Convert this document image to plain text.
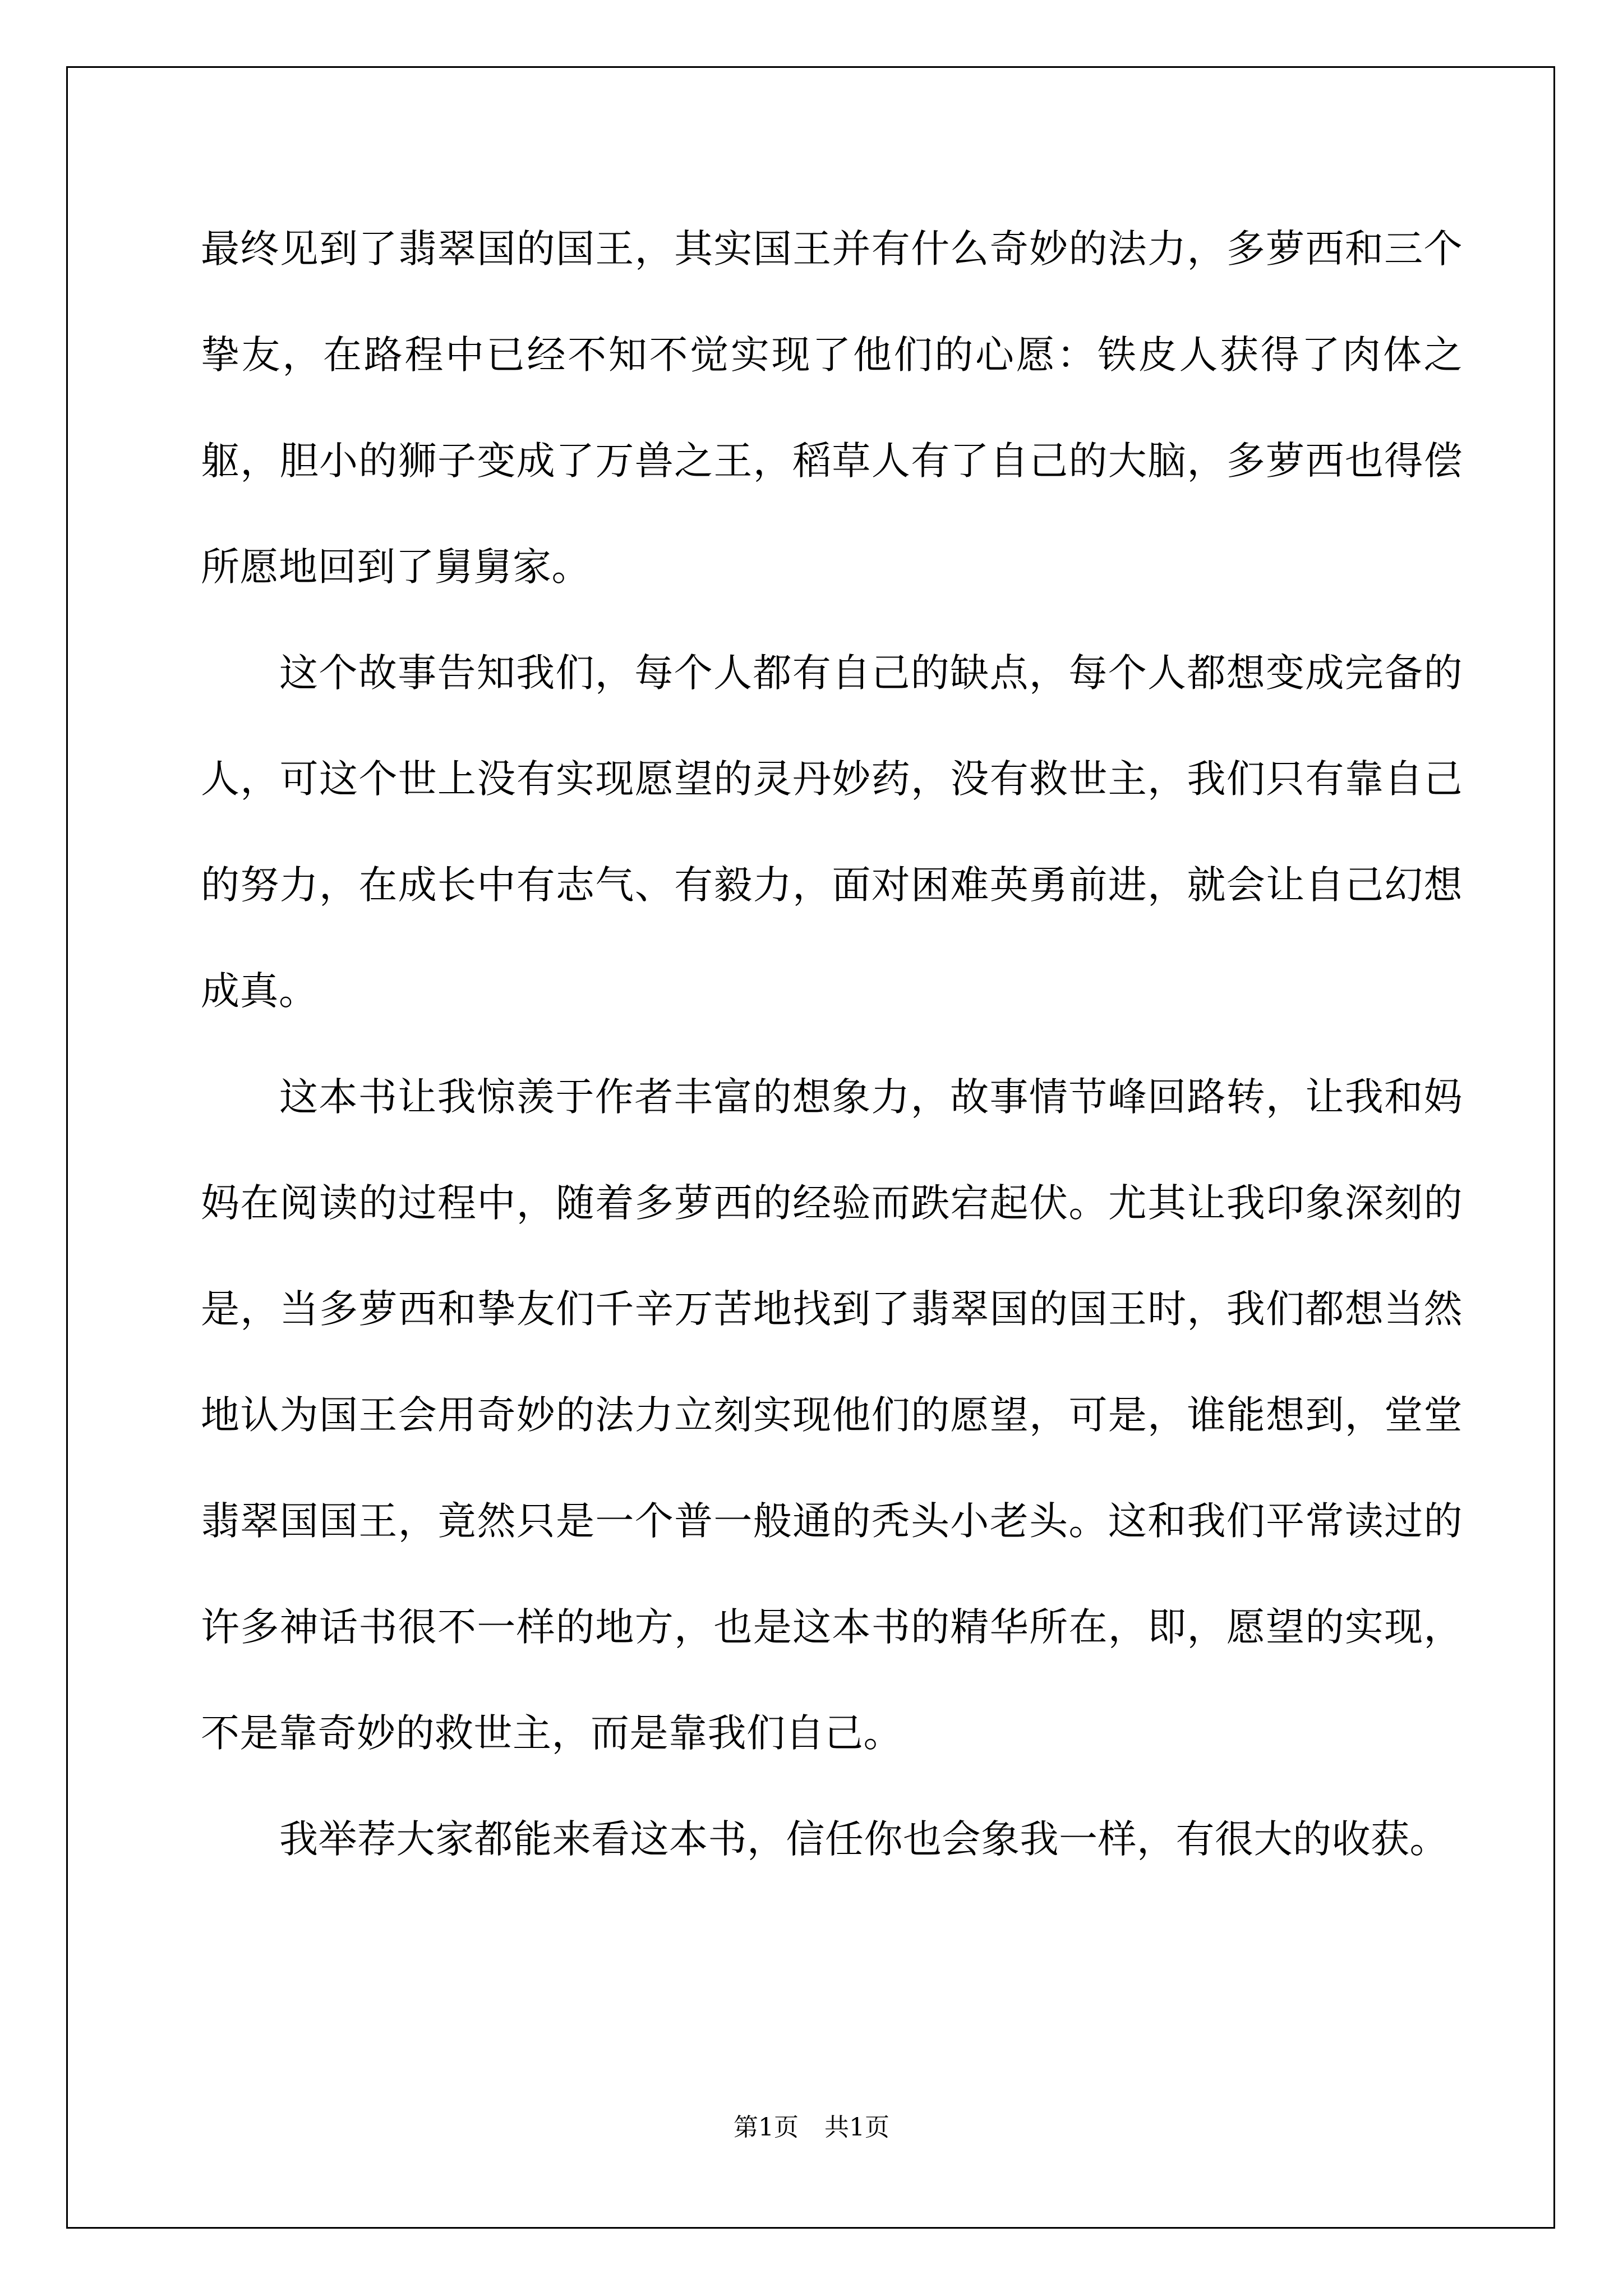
最终见到了翡翠国的国王，其实国王并有什么奇妙的法力，多萝西和三个挚友，在路程中已经不知不觉实现了他们的心愿：铁皮人获得了肉体之躯，胆小的狮子变成了万兽之王，稻草人有了自己的大脑，多萝西也得偿所愿地回到了舅舅家。

这个故事告知我们，每个人都有自己的缺点，每个人都想变成完备的人，可这个世上没有实现愿望的灵丹妙药，没有救世主，我们只有靠自己的努力，在成长中有志气、有毅力，面对困难英勇前进，就会让自己幻想成真。

这本书让我惊羡于作者丰富的想象力，故事情节峰回路转，让我和妈妈在阅读的过程中，随着多萝西的经验而跌宕起伏。尤其让我印象深刻的是，当多萝西和挚友们千辛万苦地找到了翡翠国的国王时，我们都想当然地认为国王会用奇妙的法力立刻实现他们的愿望，可是，谁能想到，堂堂翡翠国国王，竟然只是一个普一般通的秃头小老头。这和我们平常读过的许多神话书很不一样的地方，也是这本书的精华所在，即，愿望的实现，不是靠奇妙的救世主，而是靠我们自己。

我举荐大家都能来看这本书，信任你也会象我一样，有很大的收获。

第1页 共1页
